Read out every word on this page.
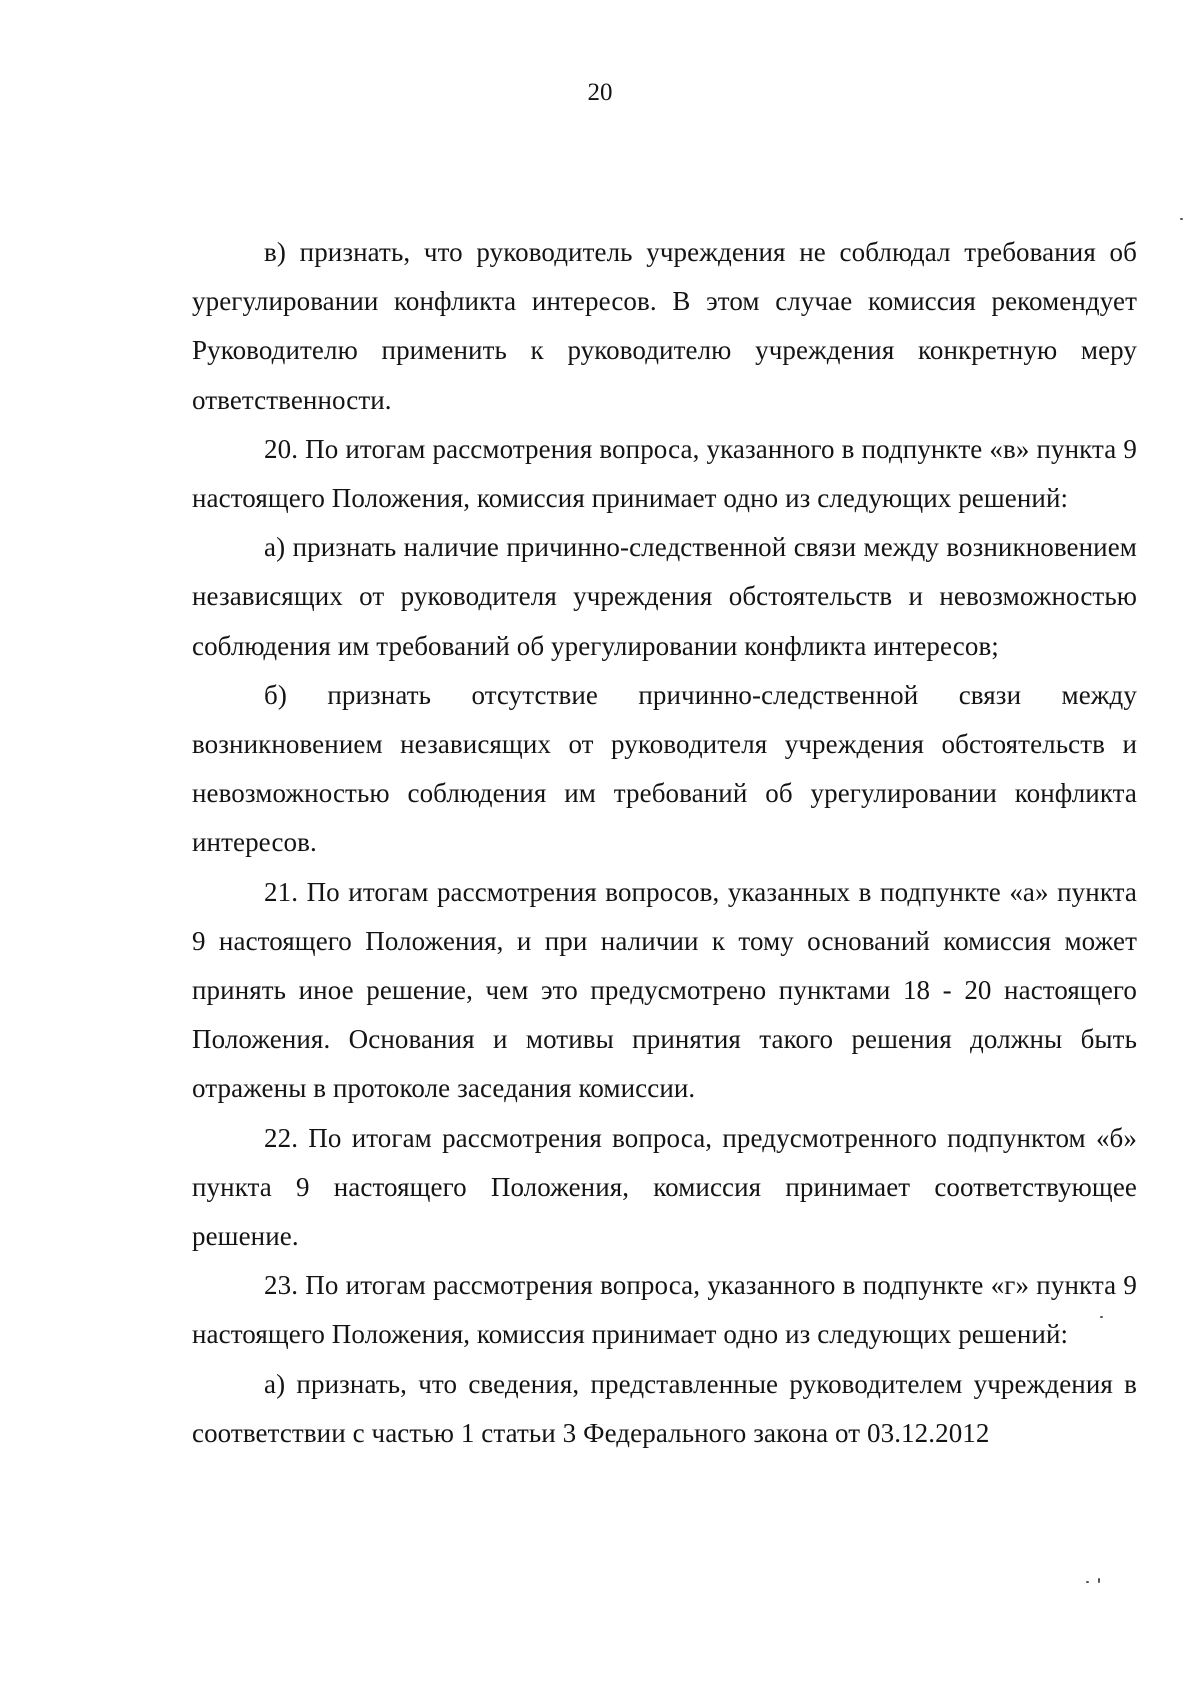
20

в) признать, что руководитель учреждения не соблюдал требования об урегулировании конфликта интересов. В этом случае комиссия рекомендует Руководителю применить к руководителю учреждения конкретную меру ответственности.

20. По итогам рассмотрения вопроса, указанного в подпункте «в» пункта 9 настоящего Положения, комиссия принимает одно из следующих решений:

а) признать наличие причинно-следственной связи между возникновением независящих от руководителя учреждения обстоятельств и невозможностью соблюдения им требований об урегулировании конфликта интересов;

б) признать отсутствие причинно-следственной связи между возникновением независящих от руководителя учреждения обстоятельств и невозможностью соблюдения им требований об урегулировании конфликта интересов.

21. По итогам рассмотрения вопросов, указанных в подпункте «а» пункта 9 настоящего Положения, и при наличии к тому оснований комиссия может принять иное решение, чем это предусмотрено пунктами 18 - 20 настоящего Положения. Основания и мотивы принятия такого решения должны быть отражены в протоколе заседания комиссии.

22. По итогам рассмотрения вопроса, предусмотренного подпунктом «б» пункта 9 настоящего Положения, комиссия принимает соответствующее решение.

23. По итогам рассмотрения вопроса, указанного в подпункте «г» пункта 9 настоящего Положения, комиссия принимает одно из следующих решений:

а) признать, что сведения, представленные руководителем учреждения в соответствии с частью 1 статьи 3 Федерального закона от 03.12.2012
